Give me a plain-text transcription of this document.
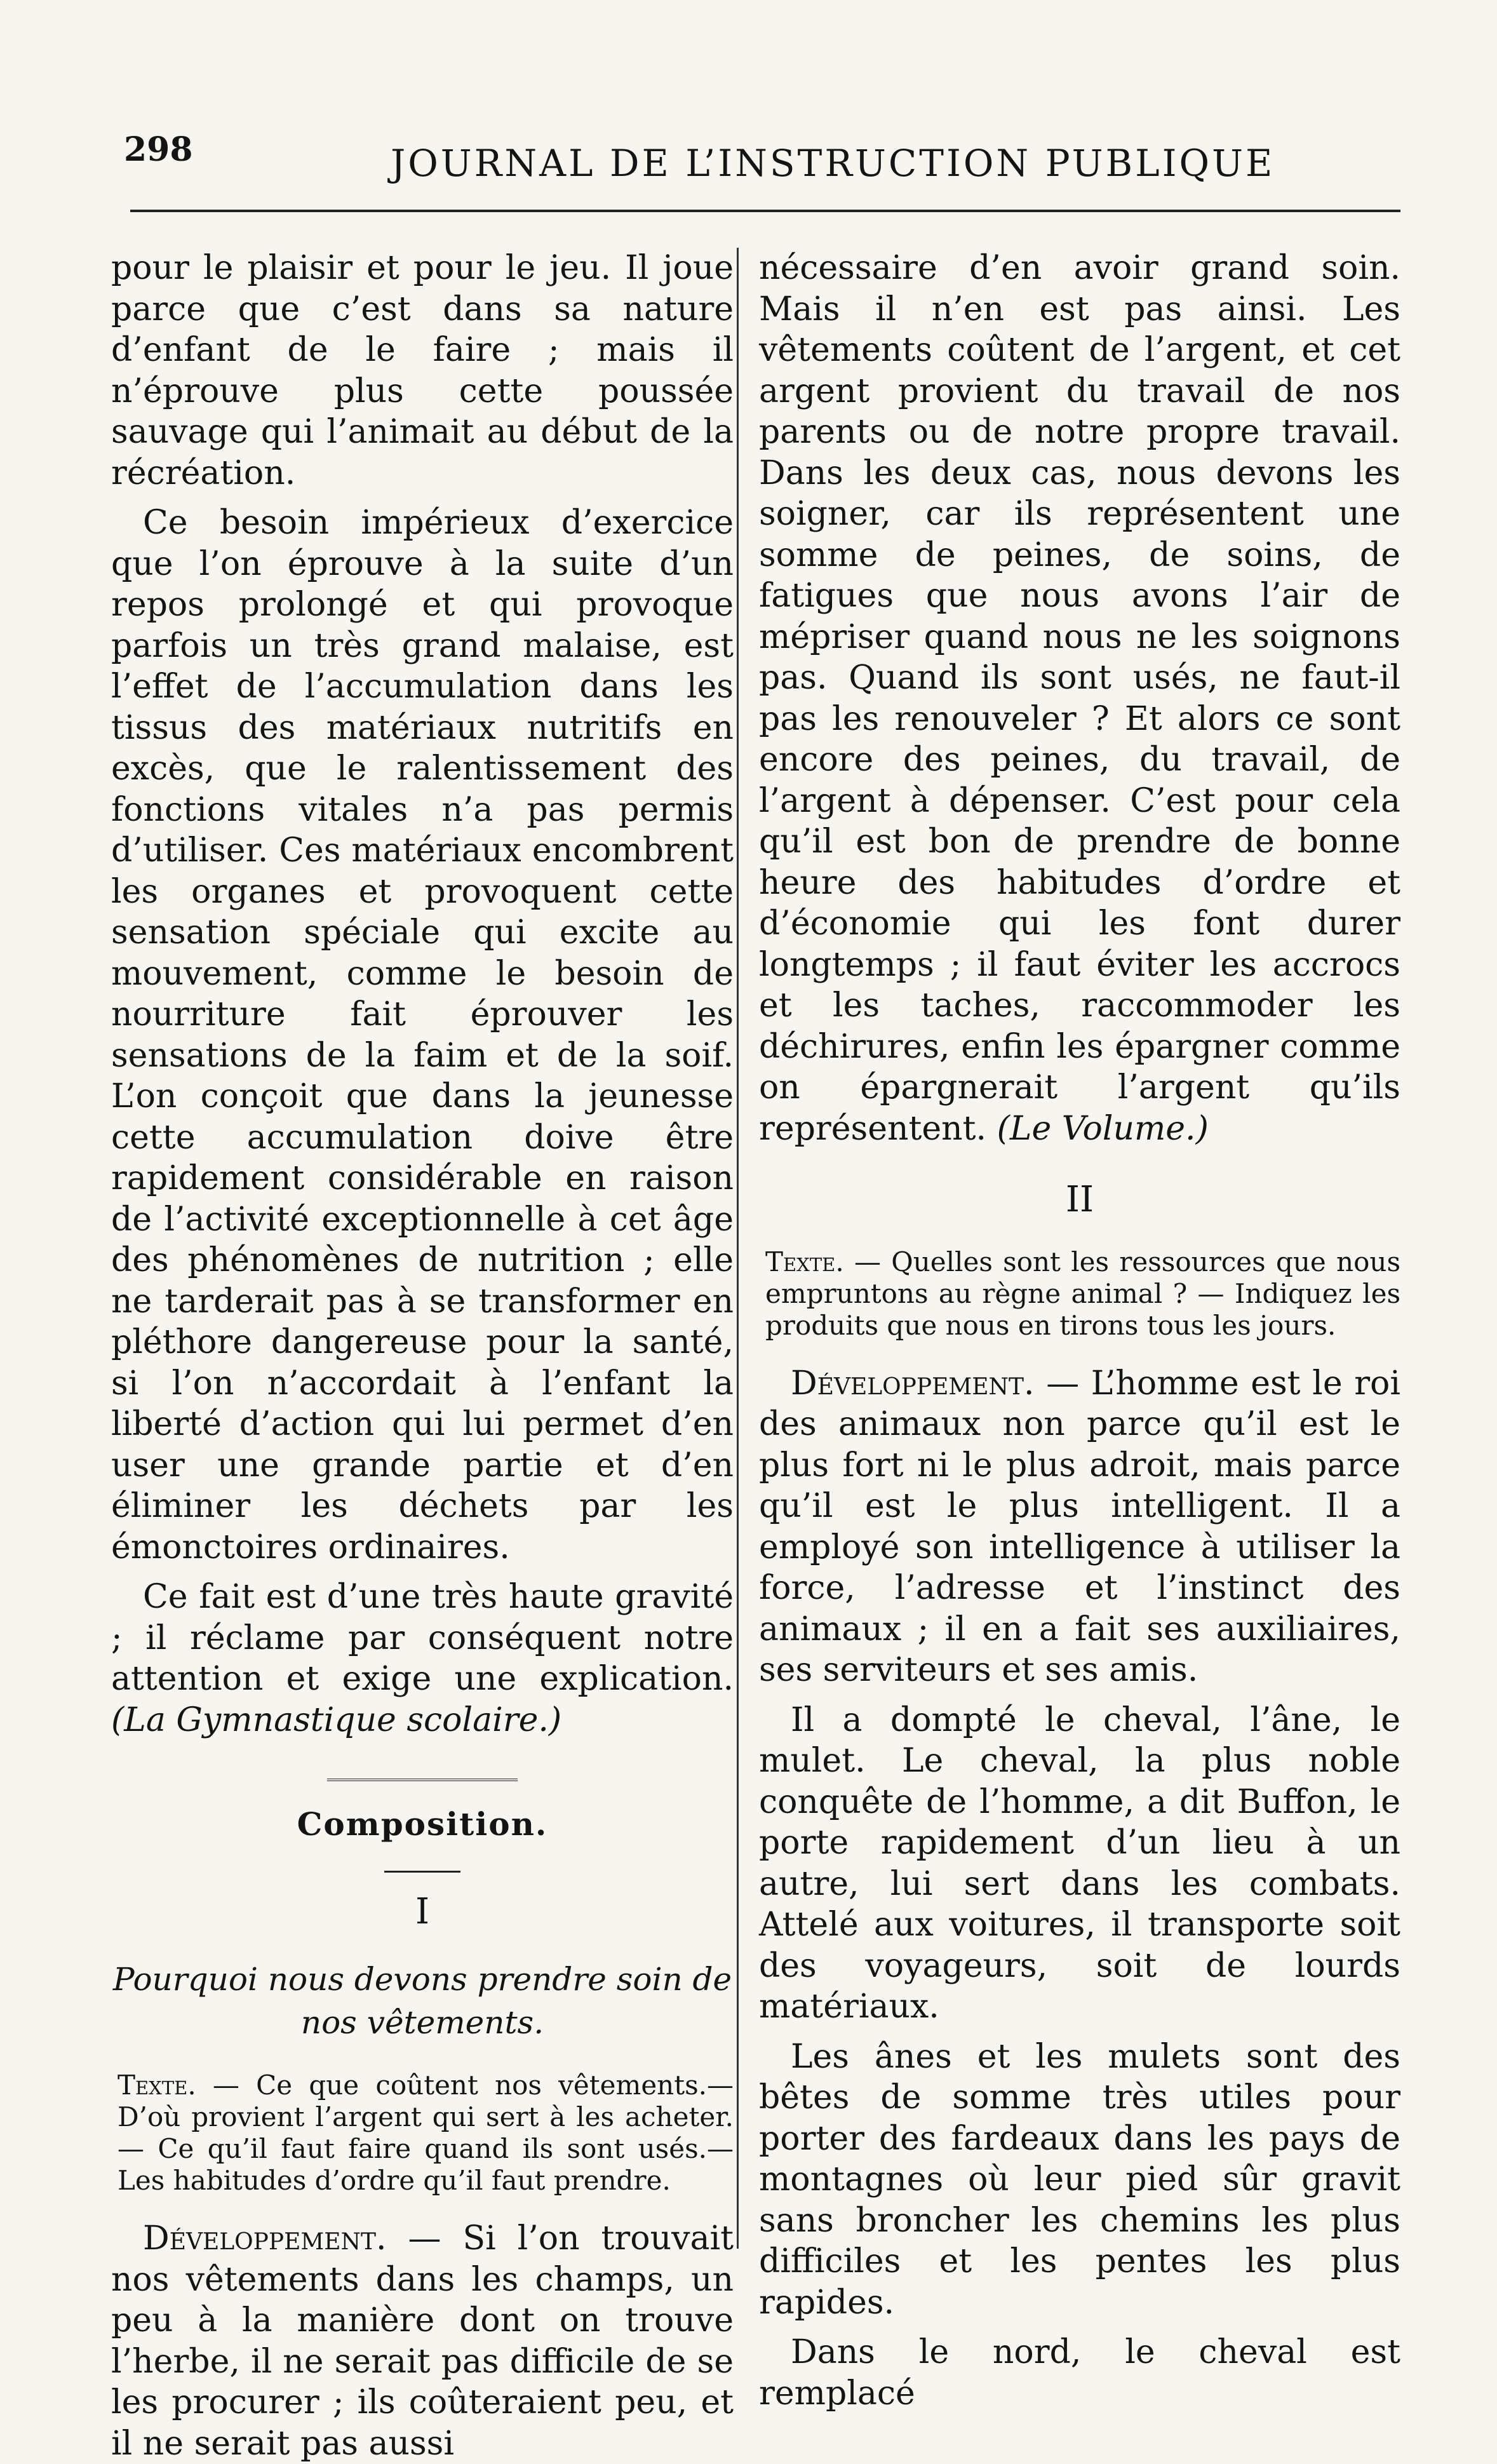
298	JOURNAL DE L’INSTRUCTION PUBLIQUE

pour le plaisir et pour le jeu. Il joue parce que c’est dans sa nature d’enfant de le faire ; mais il n’éprouve plus cette poussée sauvage qui l’animait au début de la récréation.

Ce besoin impérieux d’exercice que l’on éprouve à la suite d’un repos prolongé et qui provoque parfois un très grand malaise, est l’effet de l’accumulation dans les tissus des matériaux nutritifs en excès, que le ralentissement des fonctions vitales n’a pas permis d’utiliser. Ces matériaux encombrent les organes et provoquent cette sensation spéciale qui excite au mouvement, comme le besoin de nourriture fait éprouver les sensations de la faim et de la soif. L’on conçoit que dans la jeunesse cette accumulation doive être rapidement considérable en raison de l’activité exceptionnelle à cet âge des phénomènes de nutrition ; elle ne tarderait pas à se transformer en pléthore dangereuse pour la santé, si l’on n’accordait à l’enfant la liberté d’action qui lui permet d’en user une grande partie et d’en éliminer les déchets par les émonctoires ordinaires.

Ce fait est d’une très haute gravité ; il réclame par conséquent notre attention et exige une explication. (La Gymnastique scolaire.)

Composition.
I
Pourquoi nous devons prendre soin de nos vêtements.

Texte. — Ce que coûtent nos vêtements.— D’où provient l’argent qui sert à les acheter.— Ce qu’il faut faire quand ils sont usés.—Les habitudes d’ordre qu’il faut prendre.

Développement. — Si l’on trouvait nos vêtements dans les champs, un peu à la manière dont on trouve l’herbe, il ne serait pas difficile de se les procurer ; ils coûteraient peu, et il ne serait pas aussi

nécessaire d’en avoir grand soin. Mais il n’en est pas ainsi. Les vêtements coûtent de l’argent, et cet argent provient du travail de nos parents ou de notre propre travail. Dans les deux cas, nous devons les soigner, car ils représentent une somme de peines, de soins, de fatigues que nous avons l’air de mépriser quand nous ne les soignons pas. Quand ils sont usés, ne faut-il pas les renouveler ? Et alors ce sont encore des peines, du travail, de l’argent à dépenser. C’est pour cela qu’il est bon de prendre de bonne heure des habitudes d’ordre et d’économie qui les font durer longtemps ; il faut éviter les accrocs et les taches, raccommoder les déchirures, enfin les épargner comme on épargnerait l’argent qu’ils représentent. (Le Volume.)

II

Texte. — Quelles sont les ressources que nous empruntons au règne animal ? — Indiquez les produits que nous en tirons tous les jours.

Développement. — L’homme est le roi des animaux non parce qu’il est le plus fort ni le plus adroit, mais parce qu’il est le plus intelligent. Il a employé son intelligence à utiliser la force, l’adresse et l’instinct des animaux ; il en a fait ses auxiliaires, ses serviteurs et ses amis.

Il a dompté le cheval, l’âne, le mulet. Le cheval, la plus noble conquête de l’homme, a dit Buffon, le porte rapidement d’un lieu à un autre, lui sert dans les combats. Attelé aux voitures, il transporte soit des voyageurs, soit de lourds matériaux.

Les ânes et les mulets sont des bêtes de somme très utiles pour porter des fardeaux dans les pays de montagnes où leur pied sûr gravit sans broncher les chemins les plus difficiles et les pentes les plus rapides.

Dans le nord, le cheval est remplacé
